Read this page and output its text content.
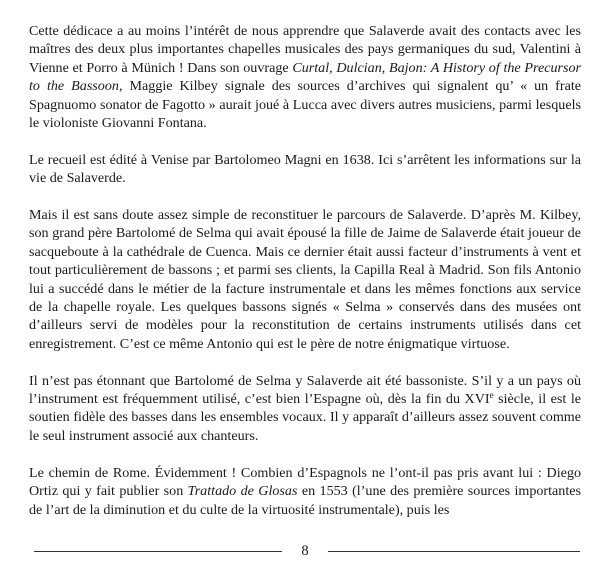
Cette dédicace a au moins l’intérêt de nous apprendre que Salaverde avait des contacts avec les maîtres des deux plus importantes chapelles musicales des pays germaniques du sud, Valentini à Vienne et Porro à Münich ! Dans son ouvrage Curtal, Dulcian, Bajon: A History of the Precursor to the Bassoon, Maggie Kilbey signale des sources d’archives qui signalent qu’ « un frate Spagnuomo sonator de Fagotto » aurait joué à Lucca avec divers autres musiciens, parmi lesquels le violoniste Giovanni Fontana.

Le recueil est édité à Venise par Bartolomeo Magni en 1638. Ici s’arrêtent les informations sur la vie de Salaverde.

Mais il est sans doute assez simple de reconstituer le parcours de Salaverde. D’après M. Kilbey, son grand père Bartolomé de Selma qui avait épousé la fille de Jaime de Salaverde était joueur de sacqueboute à la cathédrale de Cuenca. Mais ce dernier était aussi facteur d’instruments à vent et tout particulièrement de bassons ; et parmi ses clients, la Capilla Real à Madrid. Son fils Antonio lui a succédé dans le métier de la facture instrumentale et dans les mêmes fonctions aux service de la chapelle royale. Les quelques bassons signés « Selma » conservés dans des musées ont d’ailleurs servi de modèles pour la reconstitution de certains instruments utilisés dans cet enregistrement. C’est ce même Antonio qui est le père de notre énigmatique virtuose.

Il n’est pas étonnant que Bartolomé de Selma y Salaverde ait été bassoniste. S’il y a un pays où l’instrument est fréquemment utilisé, c’est bien l’Espagne où, dès la fin du XVIe siècle, il est le soutien fidèle des basses dans les ensembles vocaux. Il y apparaît d’ailleurs assez souvent comme le seul instrument associé aux chanteurs.

Le chemin de Rome. Évidemment ! Combien d’Espagnols ne l’ont-il pas pris avant lui : Diego Ortiz qui y fait publier son Trattado de Glosas en 1553 (l’une des première sources importantes de l’art de la diminution et du culte de la virtuosité instrumentale), puis les

8
